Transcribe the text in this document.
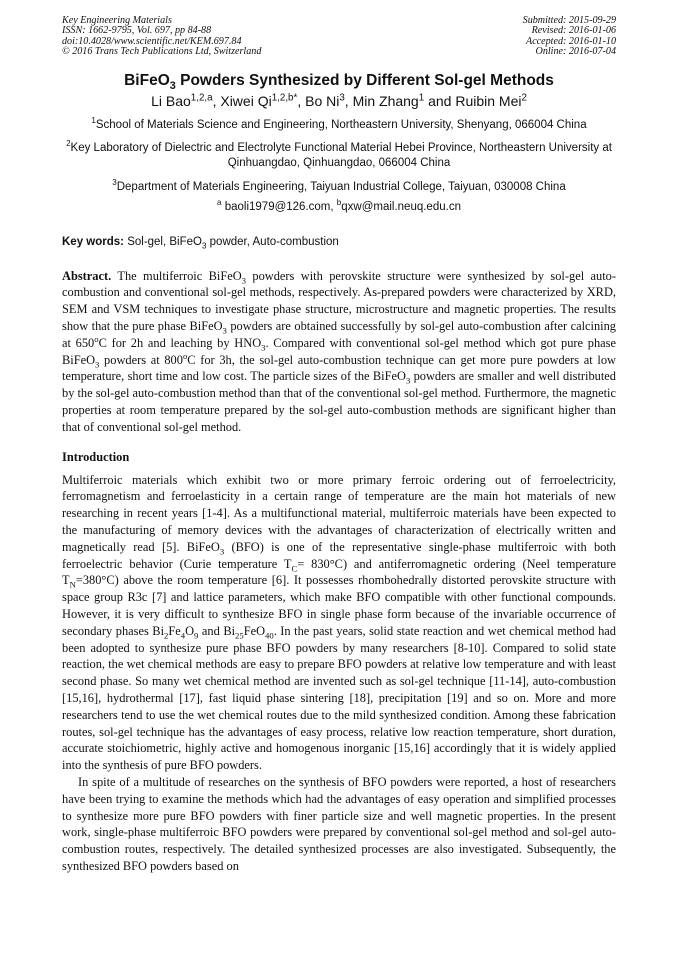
Key Engineering Materials
ISSN: 1662-9795, Vol. 697, pp 84-88
doi:10.4028/www.scientific.net/KEM.697.84
© 2016 Trans Tech Publications Ltd, Switzerland
Submitted: 2015-09-29
Revised: 2016-01-06
Accepted: 2016-01-10
Online: 2016-07-04
BiFeO$_3$ Powders Synthesized by Different Sol-gel Methods
Li Bao$^{1,2,a}$, Xiwei $Qi^{1,2,b*}$, Bo Ni$^3$, Min Zhang$^1$ and Ruibin Mei$^2$
$^1$School of Materials Science and Engineering, Northeastern University, Shenyang, 066004 China
$^2$Key Laboratory of Dielectric and Electrolyte Functional Material Hebei Province, Northeastern University at Qinhuangdao, Qinhuangdao, 066004 China
$^3$Department of Materials Engineering, Taiyuan Industrial College, Taiyuan, 030008 China
$^a$ baoli1979@126.com, $^b$qxw@mail.neuq.edu.cn
Key words: Sol-gel, BiFeO$_3$ powder, Auto-combustion
Abstract. The multiferroic BiFeO$_3$ powders with perovskite structure were synthesized by sol-gel auto-combustion and conventional sol-gel methods, respectively. As-prepared powders were characterized by XRD, SEM and VSM techniques to investigate phase structure, microstructure and magnetic properties. The results show that the pure phase BiFeO$_3$ powders are obtained successfully by sol-gel auto-combustion after calcining at 650$^o$C for 2h and leaching by $HNO_3$. Compared with conventional sol-gel method which got pure phase BiFeO$_3$ powders at 800$^o$C for 3h, the sol-gel auto-combustion technique can get more pure powders at low temperature, short time and low cost. The particle sizes of the BiFeO$_3$ powders are smaller and well distributed by the sol-gel auto-combustion method than that of the conventional sol-gel method. Furthermore, the magnetic properties at room temperature prepared by the sol-gel auto-combustion methods are significant higher than that of conventional sol-gel method.
Introduction
Multiferroic materials which exhibit two or more primary ferroic ordering out of ferroelectricity, ferromagnetism and ferroelasticity in a certain range of temperature are the main hot materials of new researching in recent years [1-4]. As a multifunctional material, multiferroic materials have been expected to the manufacturing of memory devices with the advantages of characterization of electrically written and magnetically read [5]. BiFeO$_3$ (BFO) is one of the representative single-phase multiferroic with both ferroelectric behavior (Curie temperature $T_C= 830^\circ C$) and antiferromagnetic ordering (Neel temperature $T_N=380^\circ C$) above the room temperature [6]. It possesses rhombohedrally distorted perovskite structure with space group R3c [7] and lattice parameters, which make BFO compatible with other functional compounds. However, it is very difficult to synthesize BFO in single phase form because of the invariable occurrence of secondary phases $Bi_2Fe_4O_9$ and $Bi_{25}FeO_{40}$. In the past years, solid state reaction and wet chemical method had been adopted to synthesize pure phase BFO powders by many researchers [8-10]. Compared to solid state reaction, the wet chemical methods are easy to prepare BFO powders at relative low temperature and with least second phase. So many wet chemical method are invented such as sol-gel technique [11-14], auto-combustion [15,16], hydrothermal [17], fast liquid phase sintering [18], precipitation [19] and so on. More and more researchers tend to use the wet chemical routes due to the mild synthesized condition. Among these fabrication routes, sol-gel technique has the advantages of easy process, relative low reaction temperature, short duration, accurate stoichiometric, highly active and homogenous inorganic [15,16] accordingly that it is widely applied into the synthesis of pure BFO powders.
In spite of a multitude of researches on the synthesis of BFO powders were reported, a host of researchers have been trying to examine the methods which had the advantages of easy operation and simplified processes to synthesize more pure BFO powders with finer particle size and well magnetic properties. In the present work, single-phase multiferroic BFO powders were prepared by conventional sol-gel method and sol-gel auto-combustion routes, respectively. The detailed synthesized processes are also investigated. Subsequently, the synthesized BFO powders based on
